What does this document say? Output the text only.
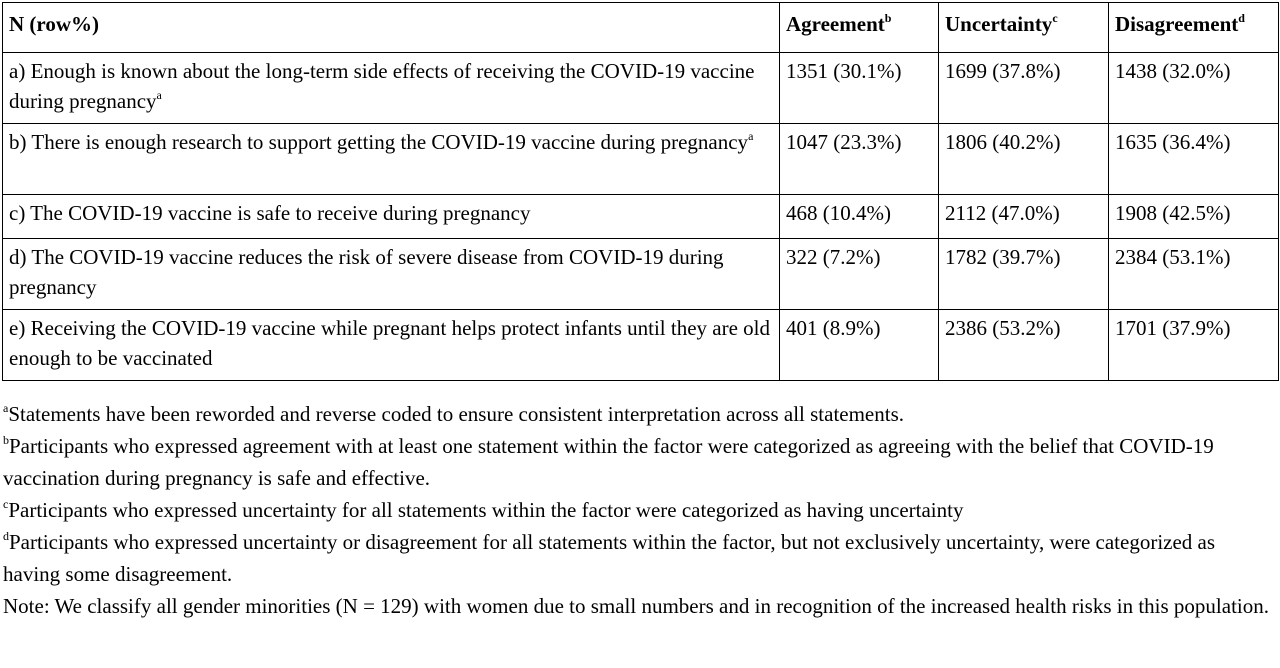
N (row%)	Agreement$^b$	Uncertainty$^c$	Disagreement$^d$
a) Enough is known about the long-term side effects of receiving the COVID-19 vaccine during pregnancy$^a$	1351 (30.1%)	1699 (37.8%)	1438 (32.0%)
b) There is enough research to support getting the COVID-19 vaccine during pregnancy$^a$	1047 (23.3%)	1806 (40.2%)	1635 (36.4%)
c) The COVID-19 vaccine is safe to receive during pregnancy	468 (10.4%)	2112 (47.0%)	1908 (42.5%)
d) The COVID-19 vaccine reduces the risk of severe disease from COVID-19 during pregnancy	322 (7.2%)	1782 (39.7%)	2384 (53.1%)
e) Receiving the COVID-19 vaccine while pregnant helps protect infants until they are old enough to be vaccinated	401 (8.9%)	2386 (53.2%)	1701 (37.9%)

$^a$Statements have been reworded and reverse coded to ensure consistent interpretation across all statements.

$^b$Participants who expressed agreement with at least one statement within the factor were categorized as agreeing with the belief that COVID-19 vaccination during pregnancy is safe and effective.

$^c$Participants who expressed uncertainty for all statements within the factor were categorized as having uncertainty

$^d$Participants who expressed uncertainty or disagreement for all statements within the factor, but not exclusively uncertainty, were categorized as having some disagreement.

Note: We classify all gender minorities (N = 129) with women due to small numbers and in recognition of the increased health risks in this population.
